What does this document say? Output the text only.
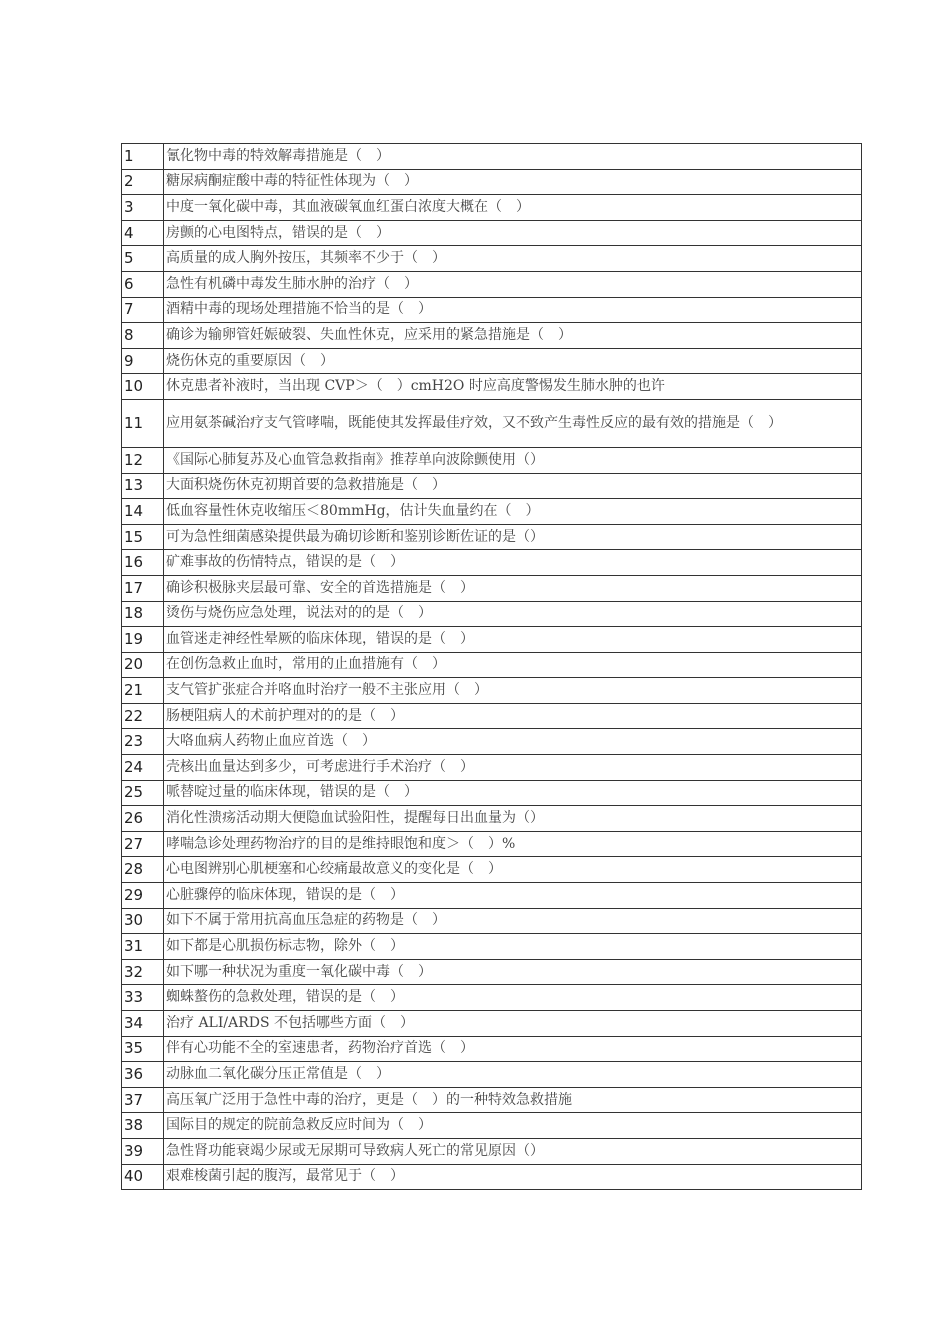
1	氰化物中毒的特效解毒措施是（　）
2	糖尿病酮症酸中毒的特征性体现为（　）
3	中度一氧化碳中毒，其血液碳氧血红蛋白浓度大概在（　）
4	房颤的心电图特点，错误的是（　）
5	高质量的成人胸外按压，其频率不少于（　）
6	急性有机磷中毒发生肺水肿的治疗（　）
7	酒精中毒的现场处理措施不恰当的是（　）
8	确诊为输卵管妊娠破裂、失血性休克，应采用的紧急措施是（　）
9	烧伤休克的重要原因（　）
10	休克患者补液时，当出现 CVP＞（　）cmH2O 时应高度警惕发生肺水肿的也许
11	应用氨茶碱治疗支气管哮喘，既能使其发挥最佳疗效，又不致产生毒性反应的最有效的措施是（　）
12	《国际心肺复苏及心血管急救指南》推荐单向波除颤使用（）
13	大面积烧伤休克初期首要的急救措施是（　）
14	低血容量性休克收缩压＜80mmHg，估计失血量约在（　）
15	可为急性细菌感染提供最为确切诊断和鉴别诊断佐证的是（）
16	矿难事故的伤情特点，错误的是（　）
17	确诊积极脉夹层最可靠、安全的首选措施是（　）
18	烫伤与烧伤应急处理，说法对的的是（　）
19	血管迷走神经性晕厥的临床体现，错误的是（　）
20	在创伤急救止血时，常用的止血措施有（　）
21	支气管扩张症合并咯血时治疗一般不主张应用（　）
22	肠梗阻病人的术前护理对的的是（　）
23	大咯血病人药物止血应首选（　）
24	壳核出血量达到多少，可考虑进行手术治疗（　）
25	哌替啶过量的临床体现，错误的是（　）
26	消化性溃疡活动期大便隐血试验阳性，提醒每日出血量为（）
27	哮喘急诊处理药物治疗的目的是维持眼饱和度＞（　）%
28	心电图辨别心肌梗塞和心绞痛最故意义的变化是（　）
29	心脏骤停的临床体现，错误的是（　）
30	如下不属于常用抗高血压急症的药物是（　）
31	如下都是心肌损伤标志物，除外（　）
32	如下哪一种状况为重度一氧化碳中毒（　）
33	蜘蛛螯伤的急救处理，错误的是（　）
34	治疗 ALI/ARDS 不包括哪些方面（　）
35	伴有心功能不全的室速患者，药物治疗首选（　）
36	动脉血二氧化碳分压正常值是（　）
37	高压氧广泛用于急性中毒的治疗，更是（　）的一种特效急救措施
38	国际目的规定的院前急救反应时间为（　）
39	急性肾功能衰竭少尿或无尿期可导致病人死亡的常见原因（）
40	艰难梭菌引起的腹泻，最常见于（　）
